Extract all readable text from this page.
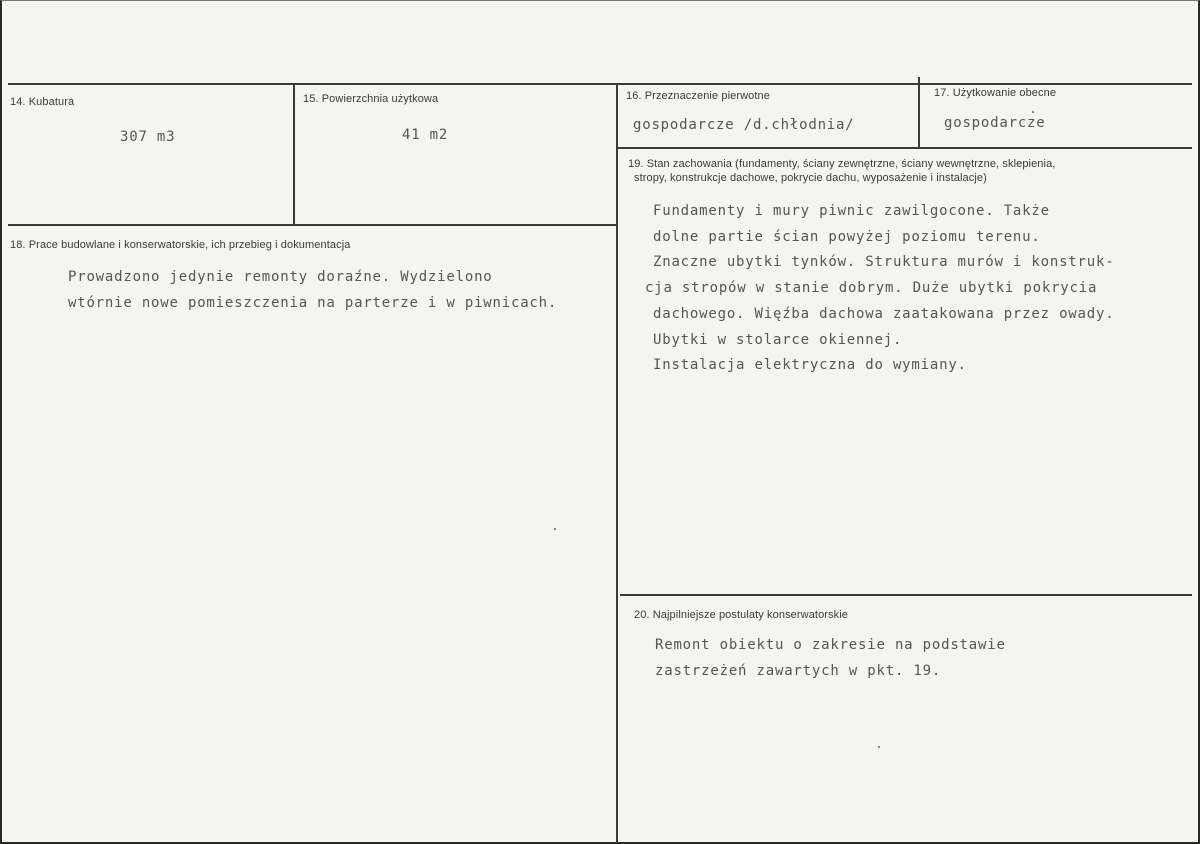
14. Kubatura
307 m3
15. Powierzchnia użytkowa
41 m2
16. Przeznaczenie pierwotne
gospodarcze /d.chłodnia/
17. Użytkowanie obecne
gospodarcze
18. Prace budowlane i konserwatorskie, ich przebieg i dokumentacja
Prowadzono jedynie remonty doraźne. Wydzielono
wtórnie nowe pomieszczenia na parterze i w piwnicach.
19. Stan zachowania (fundamenty, ściany zewnętrzne, ściany wewnętrzne, sklepienia,
stropy, konstrukcje dachowe, pokrycie dachu, wyposażenie i instalacje)
Fundamenty i mury piwnic zawilgocone. Także
dolne partie ścian powyżej poziomu terenu.
Znaczne ubytki tynków. Struktura murów i konstruk-
cja stropów w stanie dobrym. Duże ubytki pokrycia
dachowego. Więźba dachowa zaatakowana przez owady.
Ubytki w stolarce okiennej.
Instalacja elektryczna do wymiany.
20. Najpilniejsze postulaty konserwatorskie
Remont obiektu o zakresie na podstawie
zastrzeżeń zawartych w pkt. 19.
